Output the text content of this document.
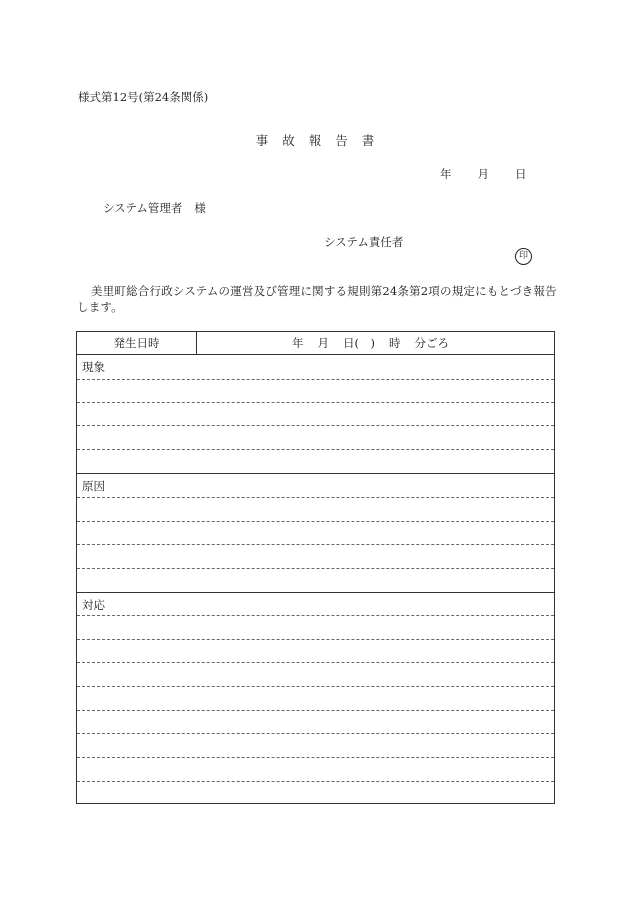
様式第12号(第24条関係)
事 故 報 告 書
年 月 日
システム管理者 様
システム責任者
印
美里町総合行政システムの運営及び管理に関する規則第24条第2項の規定にもとづき報告します。
発生日時	年 月 日(　) 時 分ごろ
現象
原因
対応
